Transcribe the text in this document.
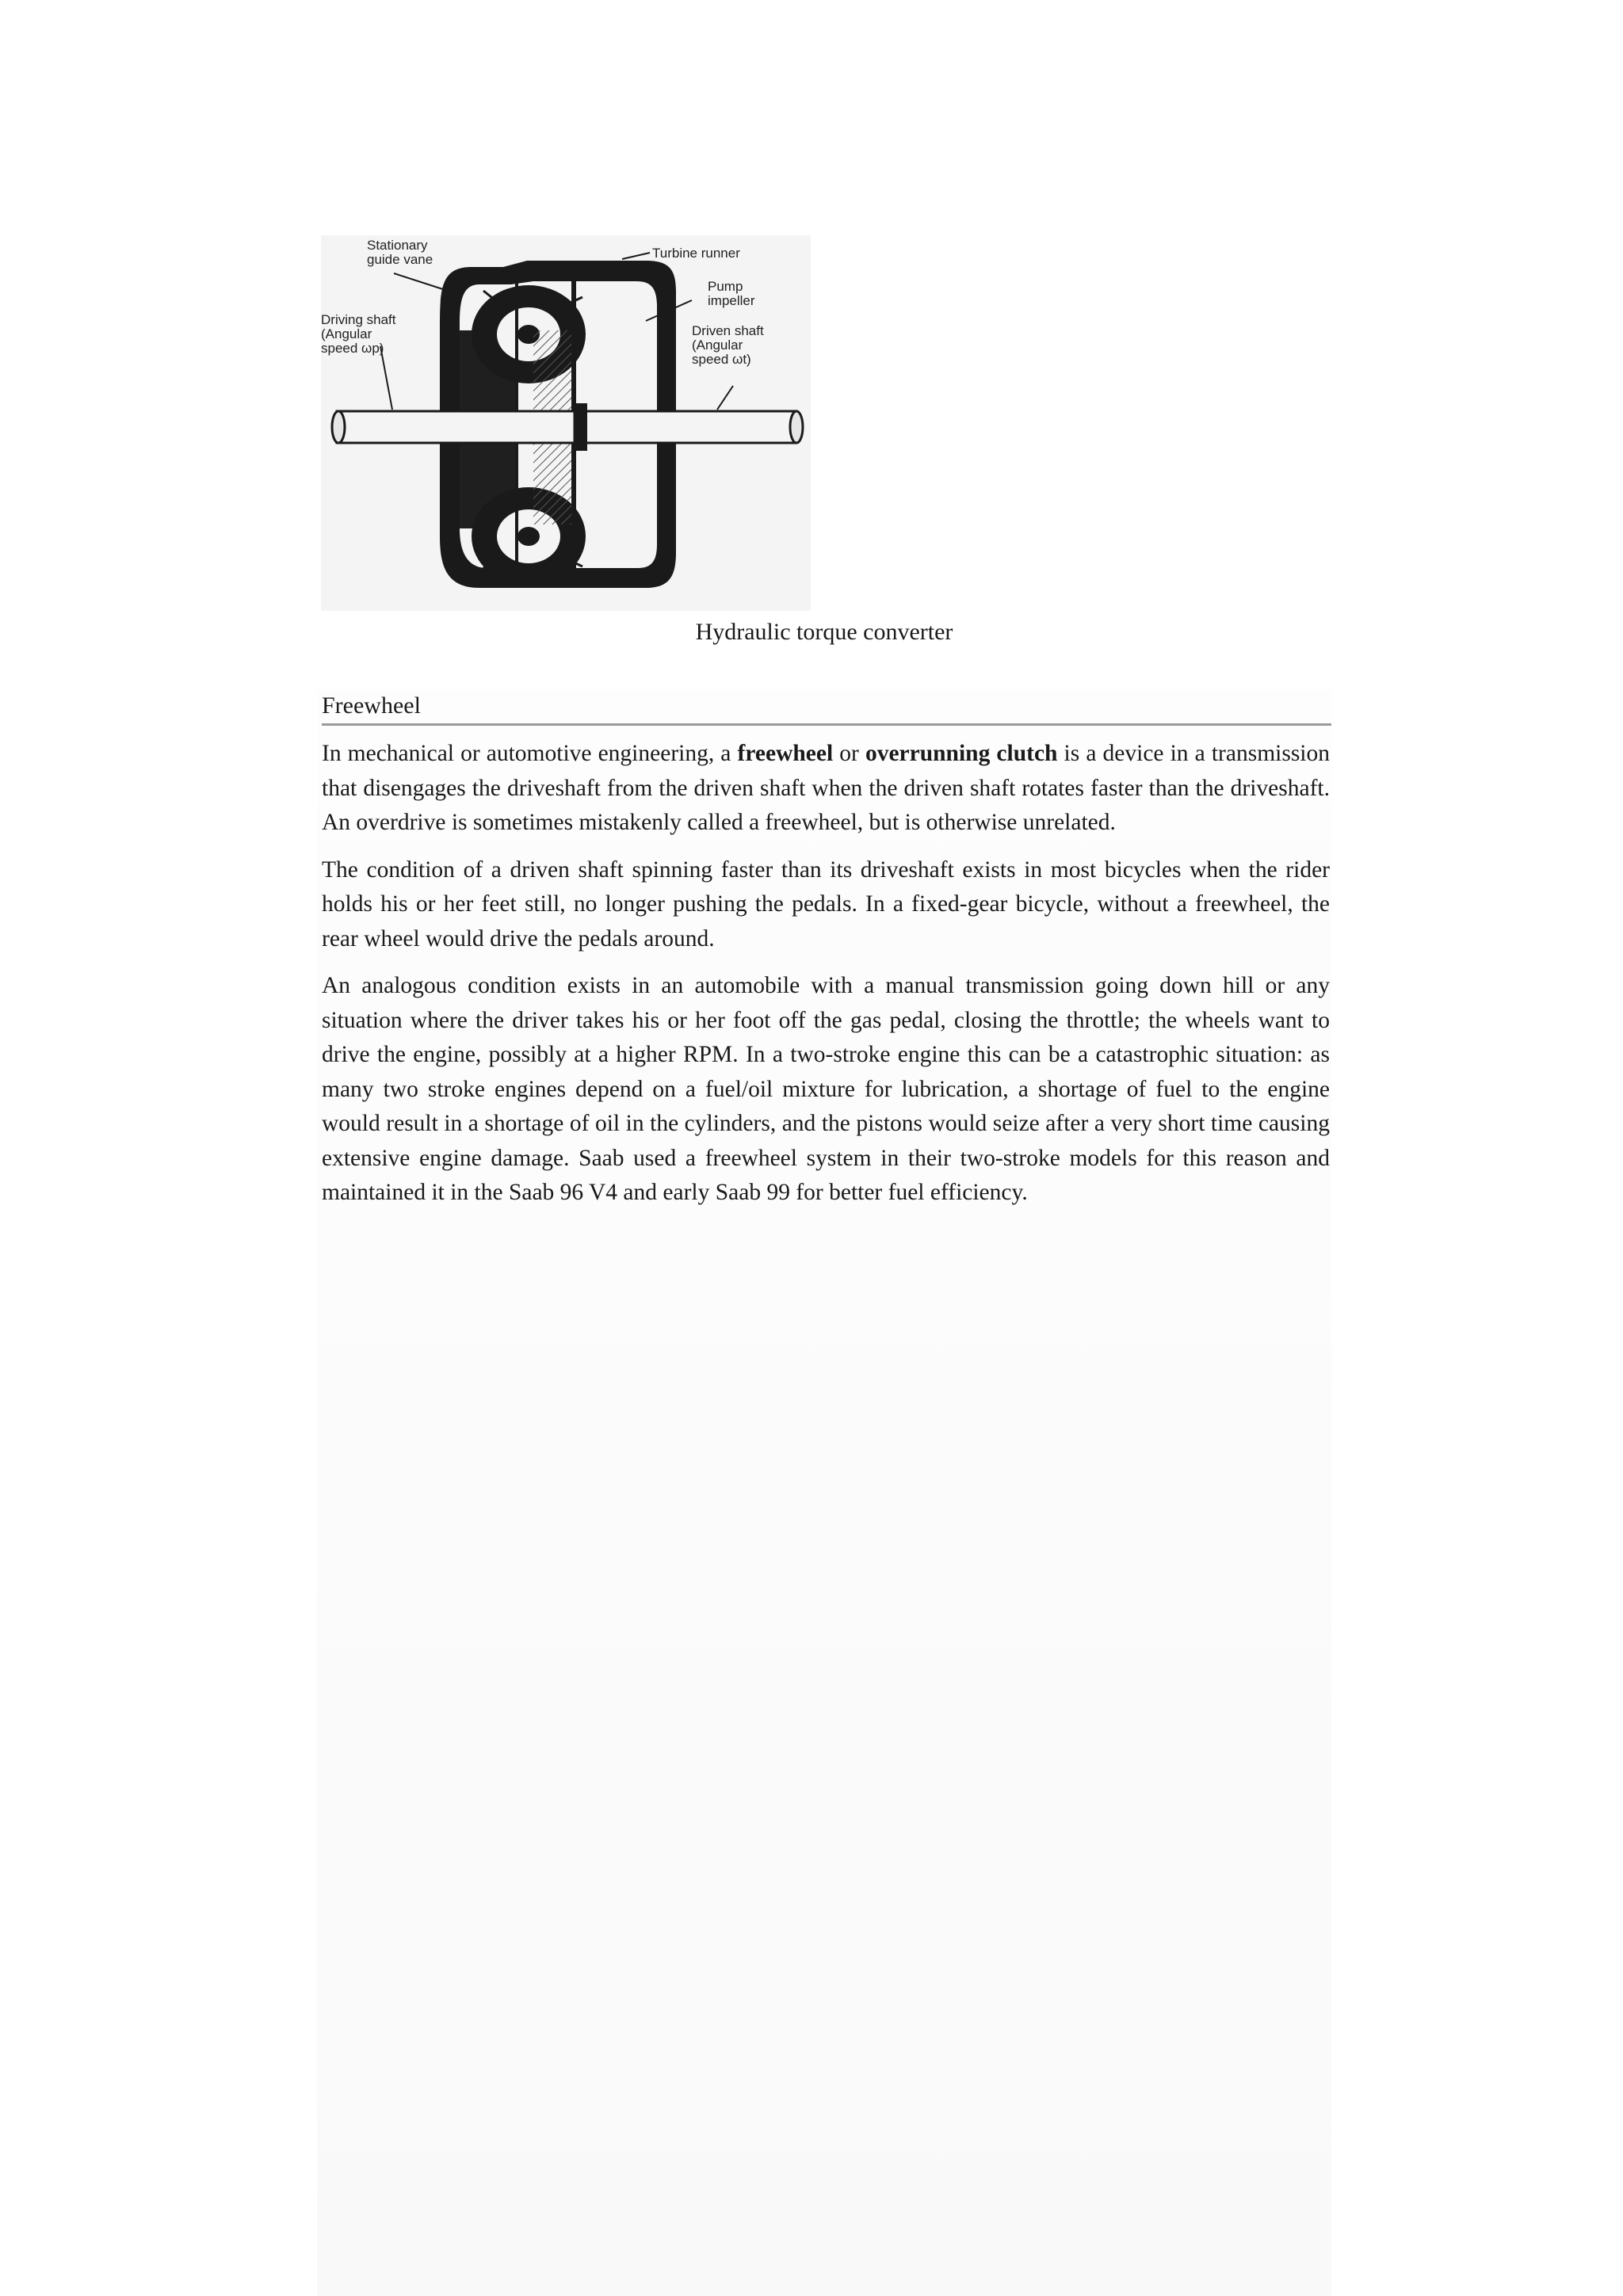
Stationary
guide vane	Turbine runner
Pump
impeller
Driving shaft
(Angular
speed ωp)
Driven shaft
(Angular
speed ωt)
Hydraulic torque converter
Freewheel

In mechanical or automotive engineering, a freewheel or overrunning clutch is a device in a transmission that disengages the driveshaft from the driven shaft when the driven shaft rotates faster than the driveshaft. An overdrive is sometimes mistakenly called a freewheel, but is otherwise unrelated.

The condition of a driven shaft spinning faster than its driveshaft exists in most bicycles when the rider holds his or her feet still, no longer pushing the pedals. In a fixed-gear bicycle, without a freewheel, the rear wheel would drive the pedals around.

An analogous condition exists in an automobile with a manual transmission going down hill or any situation where the driver takes his or her foot off the gas pedal, closing the throttle; the wheels want to drive the engine, possibly at a higher RPM. In a two-stroke engine this can be a catastrophic situation: as many two stroke engines depend on a fuel/oil mixture for lubrication, a shortage of fuel to the engine would result in a shortage of oil in the cylinders, and the pistons would seize after a very short time causing extensive engine damage. Saab used a freewheel system in their two-stroke models for this reason and maintained it in the Saab 96 V4 and early Saab 99 for better fuel efficiency.
